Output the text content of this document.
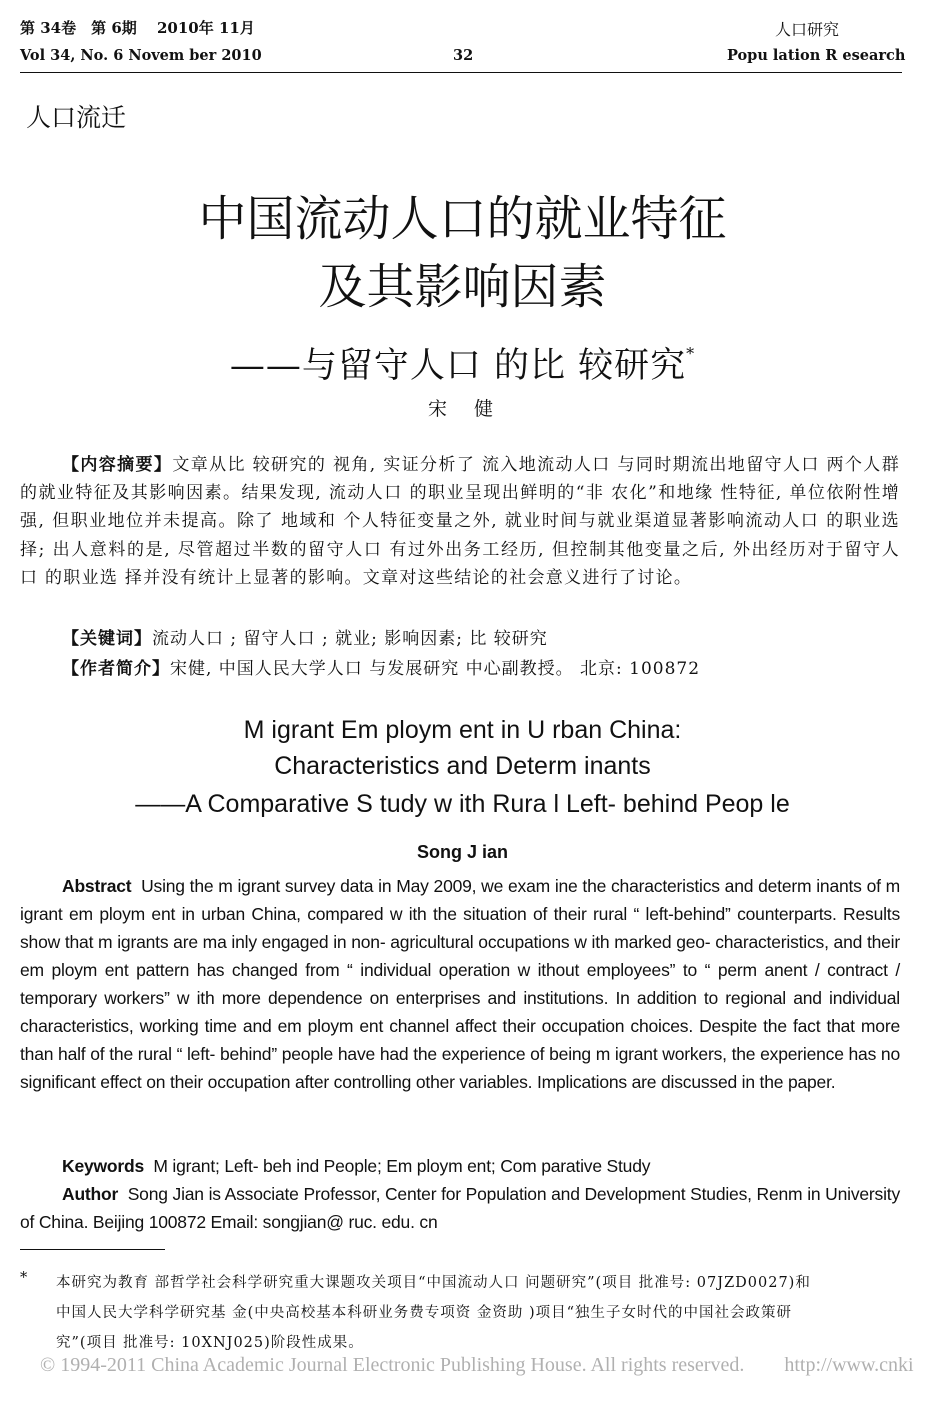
第 34卷　第 6期　 2010年 11月	人口研究
Vol 34, No. 6 Novem ber 2010	32	Popu lation R esearch
人口流迁
中国流动人口的就业特征
及其影响因素
——与留守人口 的比 较研究*
宋　健
【内容摘要】文章从比 较研究的 视角, 实证分析了 流入地流动人口 与同时期流出地留守人口 两个人群的就业特征及其影响因素。结果发现, 流动人口 的职业呈现出鲜明的“非 农化”和地缘 性特征, 单位依附性增强, 但职业地位并未提高。除了 地域和 个人特征变量之外, 就业时间与就业渠道显著影响流动人口 的职业选择; 出人意料的是, 尽管超过半数的留守人口 有过外出务工经历, 但控制其他变量之后, 外出经历对于留守人口 的职业选 择并没有统计上显著的影响。文章对这些结论的社会意义进行了讨论。
【关键词】流动人口 ; 留守人口 ; 就业; 影响因素; 比 较研究
【作者简介】宋健, 中国人民大学人口 与发展研究 中心副教授。 北京: 100872
M igrant Em ploym ent in U rban China:
Characteristics and Determ inants
——A Comparative S tudy w ith Rura l Left- behind Peop le
Song J ian
Abstract Using the m igrant survey data in May 2009, we exam ine the characteristics and determ inants of m igrant em ploym ent in urban China, compared w ith the situation of their rural “ left-behind” counterparts. Results show that m igrants are ma inly engaged in non- agricultural occupations w ith marked geo- characteristics, and their em ploym ent pattern has changed from “ individual operation w ithout employees” to “ perm anent / contract / temporary workers” w ith more dependence on enterprises and institutions. In addition to regional and individual characteristics, working time and em ploym ent channel affect their occupation choices. Despite the fact that more than half of the rural “ left- behind” people have had the experience of being m igrant workers, the experience has no significant effect on their occupation after controlling other variables. Implications are discussed in the paper.
Keywords M igrant; Left- beh ind People; Em ploym ent; Com parative Study
Author Song Jian is Associate Professor, Center for Population and Development Studies, Renm in University of China. Beijing 100872 Email: songjian@ ruc. edu. cn
* 本研究为教育 部哲学社会科学研究重大课题攻关项目“中国流动人口 问题研究”(项目 批准号: 07JZD0027)和
中国人民大学科学研究基 金(中央高校基本科研业务费专项资 金资助 )项目“独生子女时代的中国社会政策研
究”(项目 批准号: 10XNJ025)阶段性成果。
© 1994-2011 China Academic Journal Electronic Publishing House. All rights reserved.　　http://www.cnki
